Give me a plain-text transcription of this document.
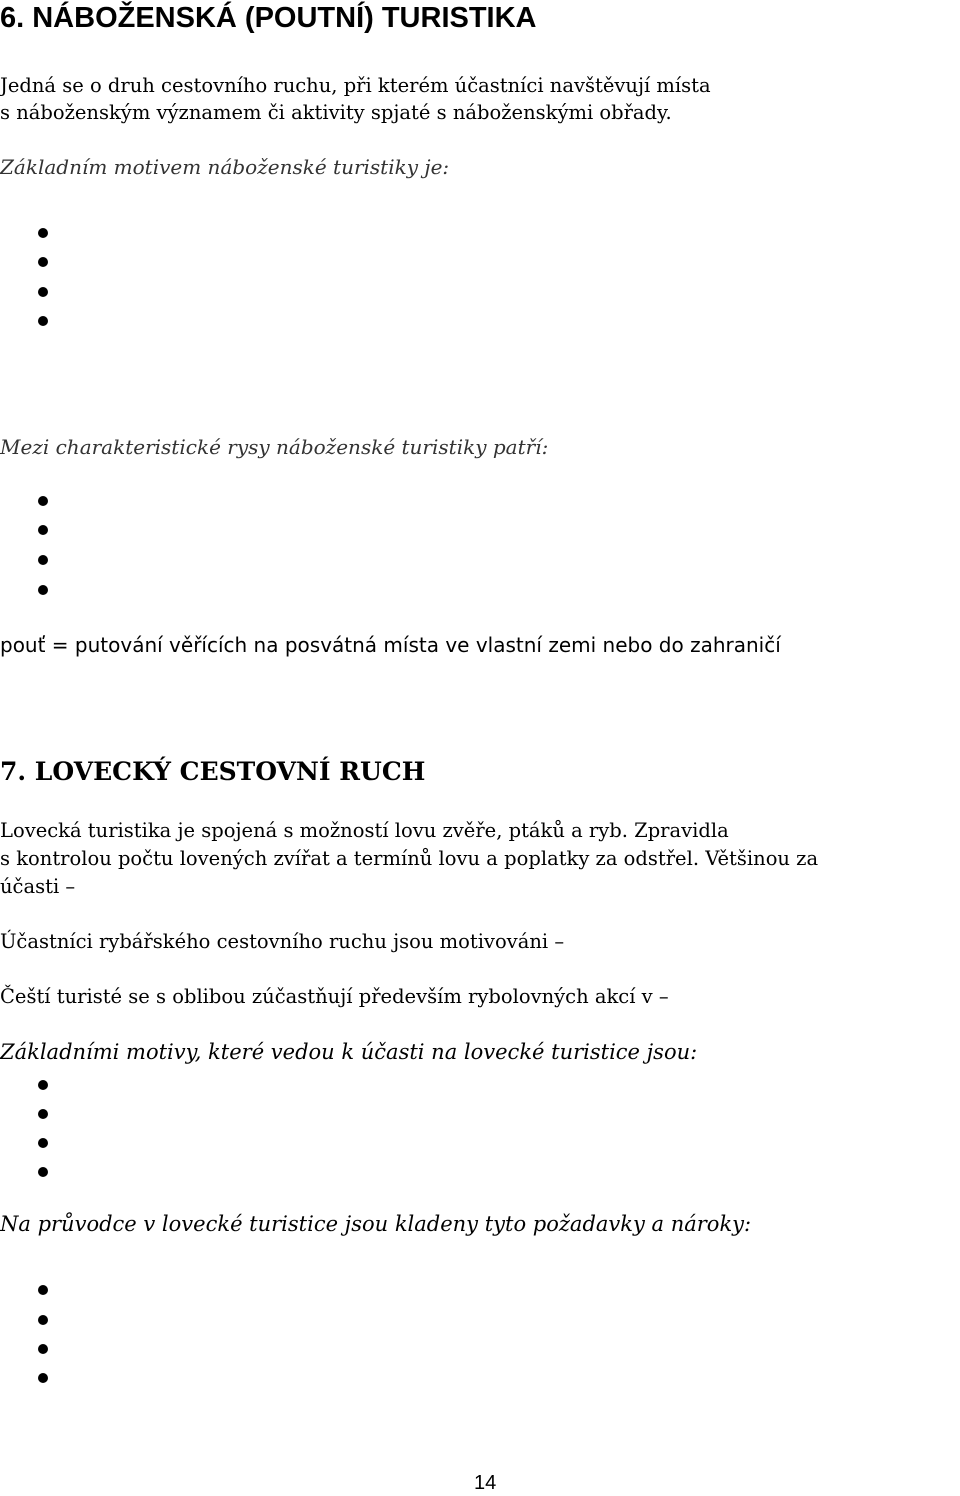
6. NÁBOŽENSKÁ (POUTNÍ) TURISTIKA

Jedná se o druh cestovního ruchu, při kterém účastníci navštěvují místa

s náboženským významem či aktivity spjaté s náboženskými obřady.

Základním motivem náboženské turistiky je:

Mezi charakteristické rysy náboženské turistiky patří:

pouť = putování věřících na posvátná místa ve vlastní zemi nebo do zahraničí

7. LOVECKÝ CESTOVNÍ RUCH

Lovecká turistika je spojená s možností lovu zvěře, ptáků a ryb. Zpravidla

s kontrolou počtu lovených zvířat a termínů lovu a poplatky za odstřel. Většinou za

účasti –

Účastníci rybářského cestovního ruchu jsou motivováni –

Čeští turisté se s oblibou zúčastňují především rybolovných akcí v –

Základními motivy, které vedou k účasti na lovecké turistice jsou:

Na průvodce v lovecké turistice jsou kladeny tyto požadavky a nároky:

14
